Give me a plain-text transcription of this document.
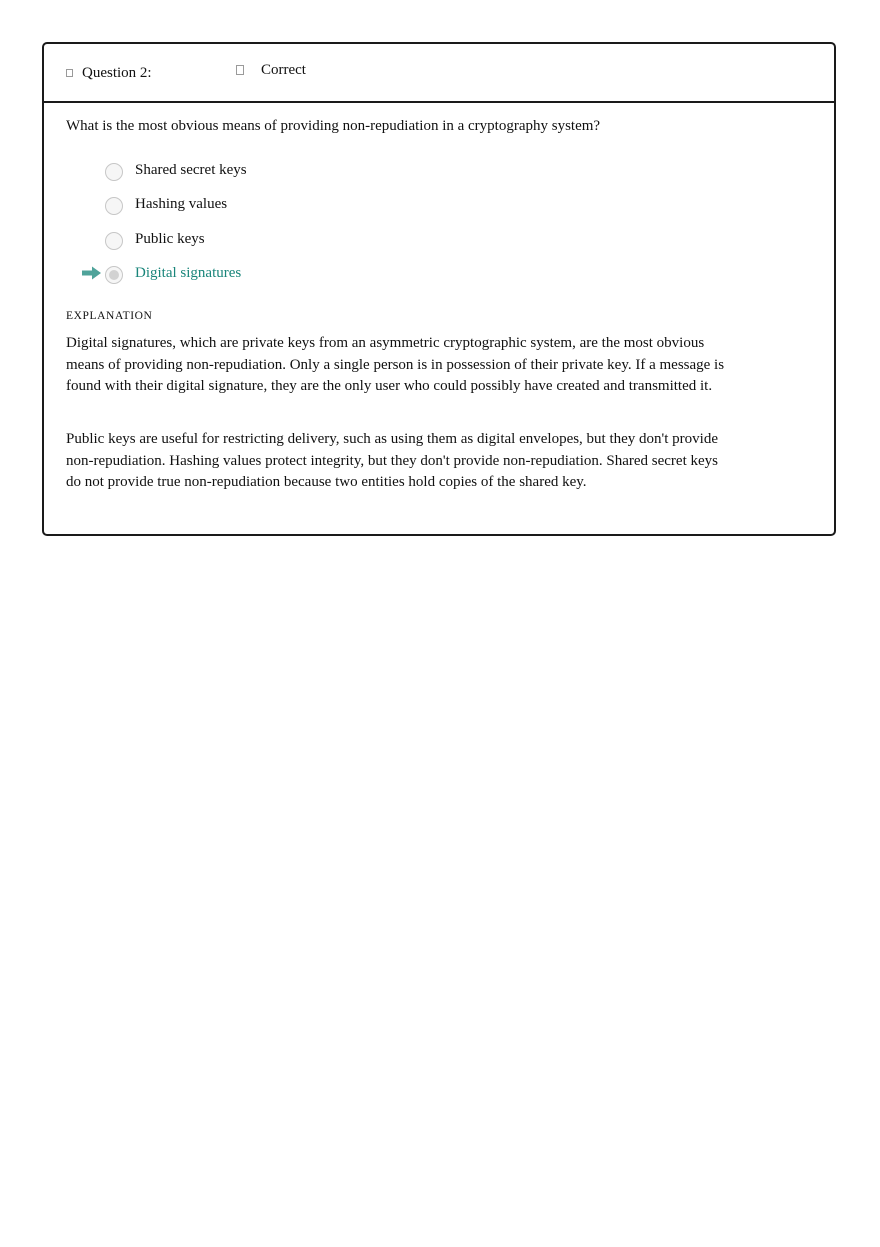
Question 2:	Correct
What is the most obvious means of providing non-repudiation in a cryptography system?
Shared secret keys
Hashing values
Public keys
Digital signatures
EXPLANATION

Digital signatures, which are private keys from an asymmetric cryptographic system, are the most obvious means of providing non-repudiation. Only a single person is in possession of their private key. If a message is found with their digital signature, they are the only user who could possibly have created and transmitted it.

Public keys are useful for restricting delivery, such as using them as digital envelopes, but they don't provide non-repudiation. Hashing values protect integrity, but they don't provide non-repudiation. Shared secret keys do not provide true non-repudiation because two entities hold copies of the shared key.
